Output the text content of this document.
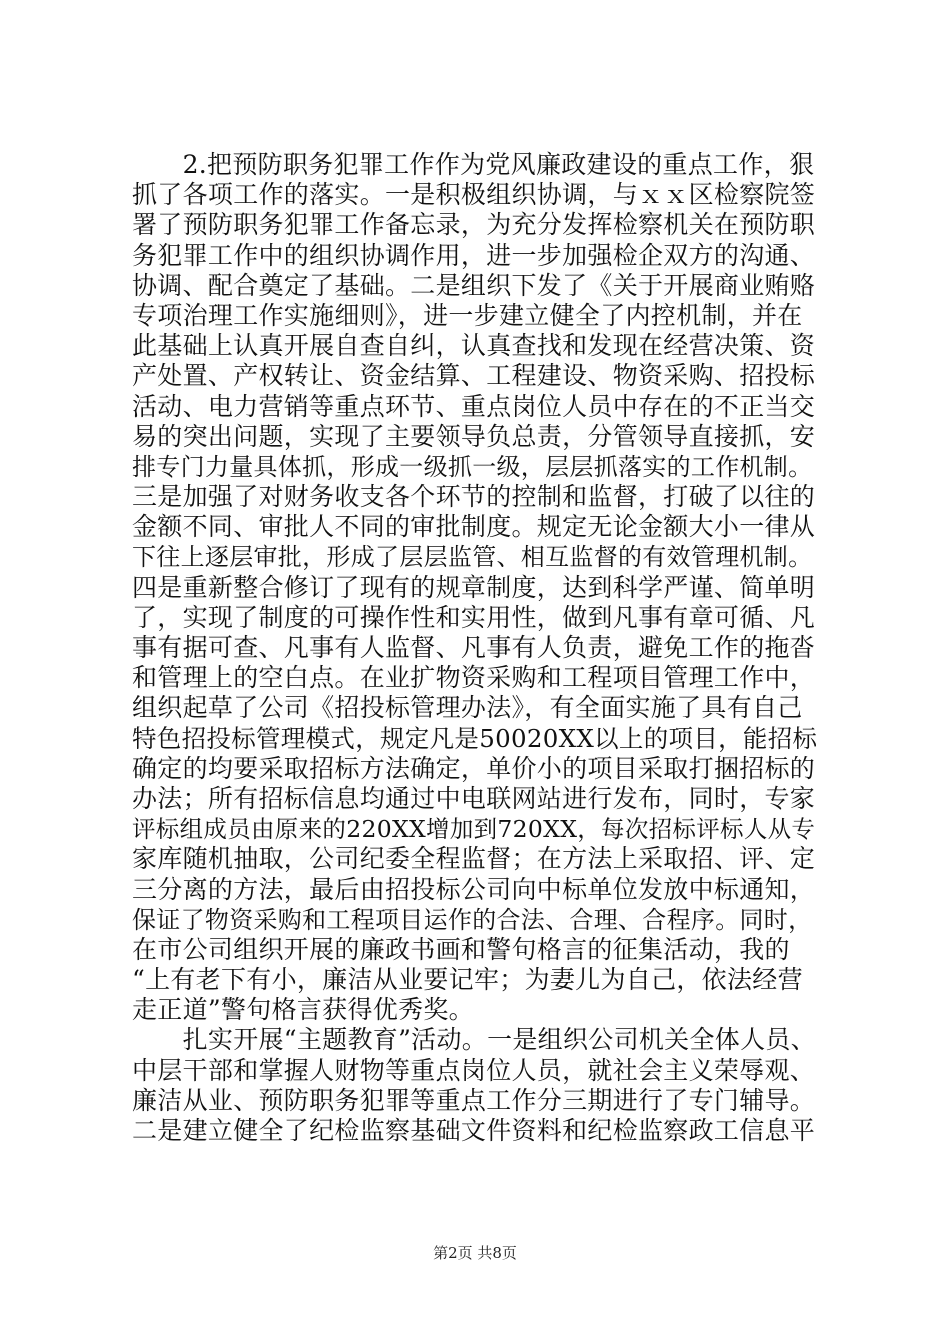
　　2.把预防职务犯罪工作作为党风廉政建设的重点工作，狠
抓了各项工作的落实。一是积极组织协调，与ｘｘ区检察院签
署了预防职务犯罪工作备忘录，为充分发挥检察机关在预防职
务犯罪工作中的组织协调作用，进一步加强检企双方的沟通、
协调、配合奠定了基础。二是组织下发了《关于开展商业贿赂
专项治理工作实施细则》，进一步建立健全了内控机制，并在
此基础上认真开展自查自纠，认真查找和发现在经营决策、资
产处置、产权转让、资金结算、工程建设、物资采购、招投标
活动、电力营销等重点环节、重点岗位人员中存在的不正当交
易的突出问题，实现了主要领导负总责，分管领导直接抓，安
排专门力量具体抓，形成一级抓一级，层层抓落实的工作机制。
三是加强了对财务收支各个环节的控制和监督，打破了以往的
金额不同、审批人不同的审批制度。规定无论金额大小一律从
下往上逐层审批，形成了层层监管、相互监督的有效管理机制。
四是重新整合修订了现有的规章制度，达到科学严谨、简单明
了，实现了制度的可操作性和实用性，做到凡事有章可循、凡
事有据可查、凡事有人监督、凡事有人负责，避免工作的拖沓
和管理上的空白点。在业扩物资采购和工程项目管理工作中，
组织起草了公司《招投标管理办法》，有全面实施了具有自己
特色招投标管理模式，规定凡是50020XX以上的项目，能招标
确定的均要采取招标方法确定，单价小的项目采取打捆招标的
办法；所有招标信息均通过中电联网站进行发布，同时，专家
评标组成员由原来的220XX增加到720XX，每次招标评标人从专
家库随机抽取，公司纪委全程监督；在方法上采取招、评、定
三分离的方法，最后由招投标公司向中标单位发放中标通知，
保证了物资采购和工程项目运作的合法、合理、合程序。同时，
在市公司组织开展的廉政书画和警句格言的征集活动，我的
“上有老下有小，廉洁从业要记牢；为妻儿为自己，依法经营
走正道”警句格言获得优秀奖。
　　扎实开展“主题教育”活动。一是组织公司机关全体人员、
中层干部和掌握人财物等重点岗位人员，就社会主义荣辱观、
廉洁从业、预防职务犯罪等重点工作分三期进行了专门辅导。
二是建立健全了纪检监察基础文件资料和纪检监察政工信息平
第2页 共8页
